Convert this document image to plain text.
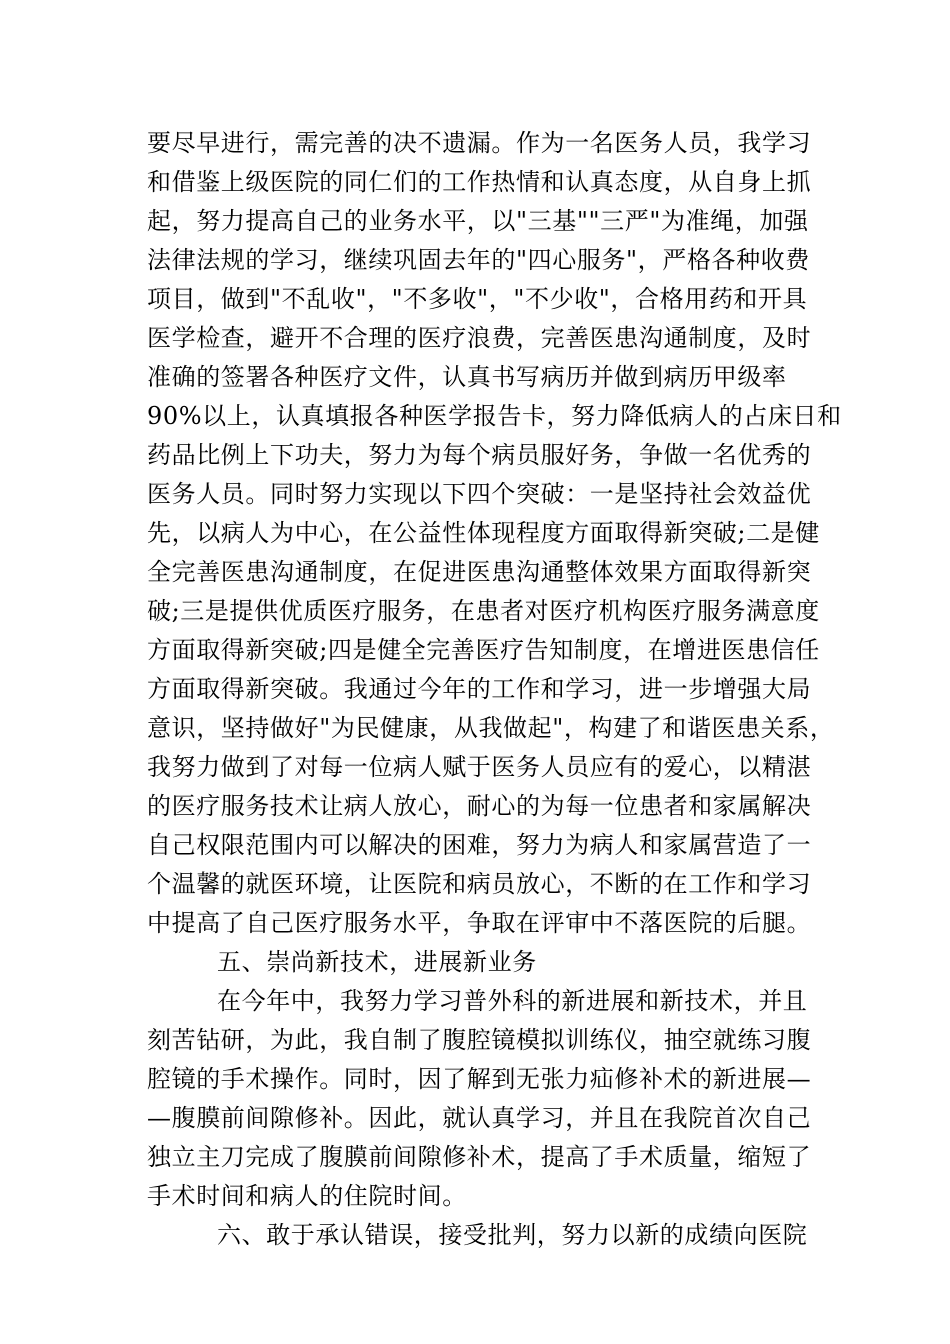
要尽早进行，需完善的决不遗漏。作为一名医务人员，我学习
和借鉴上级医院的同仁们的工作热情和认真态度，从自身上抓
起，努力提高自己的业务水平，以"三基""三严"为准绳，加强
法律法规的学习，继续巩固去年的"四心服务"，严格各种收费
项目，做到"不乱收"，"不多收"，"不少收"，合格用药和开具
医学检查，避开不合理的医疗浪费，完善医患沟通制度，及时
准确的签署各种医疗文件，认真书写病历并做到病历甲级率
90%以上，认真填报各种医学报告卡，努力降低病人的占床日和
药品比例上下功夫，努力为每个病员服好务，争做一名优秀的
医务人员。同时努力实现以下四个突破：一是坚持社会效益优
先，以病人为中心，在公益性体现程度方面取得新突破;二是健
全完善医患沟通制度，在促进医患沟通整体效果方面取得新突
破;三是提供优质医疗服务，在患者对医疗机构医疗服务满意度
方面取得新突破;四是健全完善医疗告知制度，在增进医患信任
方面取得新突破。我通过今年的工作和学习，进一步增强大局
意识，坚持做好"为民健康，从我做起"，构建了和谐医患关系，
我努力做到了对每一位病人赋于医务人员应有的爱心，以精湛
的医疗服务技术让病人放心，耐心的为每一位患者和家属解决
自己权限范围内可以解决的困难，努力为病人和家属营造了一
个温馨的就医环境，让医院和病员放心，不断的在工作和学习
中提高了自己医疗服务水平，争取在评审中不落医院的后腿。
五、崇尚新技术，进展新业务
在今年中，我努力学习普外科的新进展和新技术，并且
刻苦钻研，为此，我自制了腹腔镜模拟训练仪，抽空就练习腹
腔镜的手术操作。同时，因了解到无张力疝修补术的新进展—
—腹膜前间隙修补。因此，就认真学习，并且在我院首次自己
独立主刀完成了腹膜前间隙修补术，提高了手术质量，缩短了
手术时间和病人的住院时间。
六、敢于承认错误，接受批判，努力以新的成绩向医院
